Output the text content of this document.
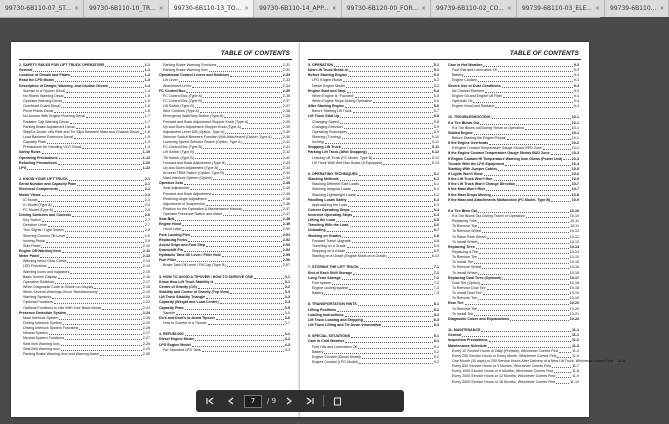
99730-6B110-07_ST... × 99730-6B110-10_TR... × 99730-6B110-13_TO... × 99730-6B110-14_APP... × 99730-6B120-00_FOR... × 99739-6B110-02_CO... × 99739-6B110-03_ELE... × 99739-6B110... ×
TABLE OF CONTENTS
1. SAFETY RULES FOR LIFT TRUCK OPERATORS	1-1
General	1-1
Location of Decals and Plates	1-2
Read the LPG Model	1-3
Description of Danger, Warning, and Caution Decals	1-4
Sunrise in a Tipover Decal	1-4
No Riders Warning Decal	1-5
Operator Warning Decal	1-5
Overhead Guard Decal	1-6
Pinch Points Decal	1-6
No Access With Engine Running Decal	1-7
Radiator Cap Warning Decal	1-7
Parking Brake Adjustment Decal	1-8
Stay/Do Under Lifts Ride and Tie Slips Between Mast and Chassis Decal 1-8
Load Backrest Extension Decal	1-9
Capacity Plate	1-9
Precautions for Handling VCO Decal	1-9
Safety Rules	1-10
Operating Precautions	1-12
Refueling Precautions	1-20
LPG	1-22
2. KNOW YOUR LIFT TRUCK	2-1
Serial Number and Capacity Plate	2-1
Electrical Components	2-2
Model Views	2-3
IC Model	2-3
IC Model (Type A)	2-4
FC Model (Type B)	2-5
Driving Switches and Controls	2-6
Key Switch	2-7
Direction Lever	2-7
Turn Signal / Light Switch	2-8
Steering Column Tilt Lever	2-9
Inching Pedal	2-9
Side Panel	2-10
Engine Off Warning Item	2-11
Meter Panel	2-13
Warning Items Glow Check	2-14
LED Functions	2-14
Warning Icons and Indicators	2-15
Basic Screen Display	2-16
Operation Switches	2-17
When Diagnostic Code Is Shown on Display	2-18
When Several Warnings Occur Simultaneously	2-19
Warning Symbols	2-20
Optional Functions	2-22
Optional Functions to Use With Your Basic Model	2-23
Presence Detection System	2-24
Mast Interlock System	2-25
Driving Interlock System	2-25
Driving Interlock System Functions	2-26
Neutral System	2-27
Neutral System Functions	2-27
Seat Belt Warning Icon	2-28
Seat Belt Warning Icon	2-29
Parking Brake Warning Icon and Warning Alarm	2-30
Parking Brake Warning Functions	2-31
Parking Brake Warning Icon	2-32
Operational Control Levers and Switches	2-33
Lift Lever	2-33
Attachment Lever	2-34
FC Control Box	2-35
FC Control Box (Type A)	2-36
FC Control Box (Type B)	2-37
Lift Switch (Type B)	2-37
Wire Controls (Type A)	2-38
Emergency Wait/Stop Button (Type A)	2-38
Forward and Back Adjustment Stopper Knob (Type A)	2-39
Up and Down Adjustment Stopper Knob (Type A)	2-39
Adjustment Lever A/B (Option, Type A)	2-40
Selector Switch Between Function With Attachment (Option, Type A)	2-40
Lowering Speed Selector Switch (Option, Type A)	2-41
FC Control Box (Type B)	2-41
Lift Switch (Type B)	2-42
Tilt Switch (Type B)	2-42
Forward and Back Adjustment (Type B)	2-43
Up and Down Adjustment (Type B)	2-43
Armrest TRIM Switch (Option, Type B)	2-44
Mast Interlock System (Option)	2-44
Operator Seat	2-45
Seat Adjustment	2-45
Forward and Back Adjustment	2-45
Reclining Angle Adjustment	2-46
Adjustment of Suspension	2-46
Position for the Operation & Maintenance Manual	2-47
Operator Presence Switch and Alarm	2-47
Seat Belt	2-48
Engine Hood	2-49
Hood Latch	2-50
Fork Locking Pins	2-51
Replacing Forks	2-52
Assist Grips and Foot Step	2-53
Downshift Pin	2-54
Hydraulic Tank Oil Level / Filler Hole	2-55
Fuel Filler	2-56
Brake Tank Oil Level / Fill Cap (Type B)	2-57
3. HOW TO AVOID A TIPOVER / HOW TO SURVIVE ONE	3-1
Know How Lift Truck Stability Is	3-1
Center of Gravity (CG)	3-2
Stability and Center of Gravity (Top View)	3-3
Lift Truck Stability Triangle	3-3
Capacity (Weight and Load Center)	3-4
Capacity Plate	3-5
Sample	3-5
Do's and Dont's to Avoid Tipover	3-6
How to Survive in a Tipover	3-7
4. REFUELING	4-1
Diesel Engine Model	4-2
LPG Engine Model	4-3
For Standard LPG Tank	4-3
TABLE OF CONTENTS
5. OPERATION	5-1
New Lift Truck Break-in	5-1
Before Starting Engine	5-2
LPG Engine Model	5-2
Diesel Engine Model	5-3
Engine Start and Stop	5-4
When Engine Is "Flooded"	5-5
When Engine Stops During Operation	5-5
After Starting Engine	5-6
Before Starting Lift Truck	5-7
Lift Truck Start Up	5-8
Changing Speed	5-8
Changing Direction	5-9
Operating Techniques	5-9
Steering (Turning)	5-10
Inching	5-11
Stopping Lift Truck	5-11
Parking Lift Truck (After Stopping)	5-12
Leaving Lift Truck (FC Model, Type B)	5-13
Lift Truck With Wet Disc Brake (If Equipped)	5-13
6. OPERATING TECHNIQUES	6-1
Stacking Methods	6-1
Stacking Different Size Loads	6-1
Stacking Irregular Loads	6-2
Stacking Lightweight Loads	6-2
Handling Loads Safely	6-3
Approaching the Load	6-3
Correct Operating Steps	6-4
Incorrect Operating Steps	6-4
Lifting the Load	6-5
Traveling With the Load	6-6
Unloading	6-7
Working on Grades	6-8
Forward Travel Upgrade	6-8
Traveling on a Grade	6-9
Stopping on a Grade	6-9
Starting on a Grade (Engine Stalls on a Grade)	6-10
7. STORING THE LIFT TRUCK	7-1
End of Each Shift Storage	7-1
Long Term Storage	7-2
Fuel system	7-2
Engine cooling system	7-3
Battery	7-3
8. TRANSPORTATION HINTS	8-1
Lifting Positions	8-1
Loading Instructions	8-2
Lift Truck Loading and Shipping	8-3
Lift Truck Lifting and Tie Down Information	8-3
9. SPECIAL SITUATIONS	9-1
Care in Cold Weather	9-1
Fuel Oils and Lubrication Oil	9-1
Battery	9-2
Engine Coolant (Diesel Model)	9-2
Engine Coolant (LPG Model)	9-2
Care in Hot Weather	9-3
Fuel Oils and Lubrication Oil	9-3
Battery	9-3
Engine Coolant	9-3
Severe Use or Dust Conditions	9-4
Air Cleaner Element	9-4
Engine Oil and Engine Oil Filter	9-4
Hydraulic Oil	9-4
Engine Hood and Radiator	9-4
10. TROUBLESHOOTING	10-1
If a Tire Blows Out	10-1
If a Tire Blows out During Travel or Operation	10-1
Stalled Engine	10-1
Before Starting the Engine Repair	10-1
If the Engine Overheats	10-2
If Engine Coolant Temperature Gauge Shows RED Zone	10-2
If the Engine Coolant Temperature Gauge Shows BUD Zone	10-3
If Engine Coolant HI Temperature Warning Icon Glows (Power Unit)	10-3
Trouble With the LPG Equipment	10-4
Starting With Jumper Cables	10-5
If Lights Won't Glow	10-6
If the Lift Truck Won't Run	10-6
If the Lift Truck Won't Change Direction	10-7
If the Mast Won't Rise	10-7
If the Mast Drops Moving	10-8
If the Mast and Attachments Malfunction (FC Model, Type B)	10-9
If a Tire Blew Out	10-10
If a Tire Blows Out During Travel or Operation	10-10
Replacing Tires	10-11
To Remove Tire	10-11
To Remove Wheel	10-12
To Raise Rear Wheel	10-12
To Install Wheel	10-13
Replacing Tires	10-14
Replacing a Tire	10-14
To Remove Tire	10-15
To Install Tire	10-15
To Remove Wheel	10-16
To Install Wheel	10-16
Replacing Dual Tires (Optional)	10-17
Dual Tire (Option)	10-18
To Remove Dual Tire	10-18
To Install Dual Tire	10-19
To Remove Tire	10-19
Rear Tire	10-20
To Remove Tire	10-20
To Install Tire	10-21
Diagnostic Codes and Explanations	10-22
11. MAINTENANCE	11-1
General	11-1
Inspection Precautions	11-2
Maintenance Schedule	11-3
Every 10 Service Hours or Daily (Pretrain), Whichever Comes First	11-4
Every 250 Service Hours or Every Month, Whichever Comes First	11-5
One Month (30 days) or 200 Service Hours After Delivery of a New Lift Truck, Whichever Comes First 11-6
Every 500 Service Hours or 3 Months, Whichever Comes First	11-7
Every 1000 Service Hours or 6 Months, Whichever Comes First	11-8
Every 2000 Service Hours or 12 Months, Whichever Comes First	11-9
Every 3000 Service Hours or 18 Months, Whichever Comes First	11-10
7	/ 9
